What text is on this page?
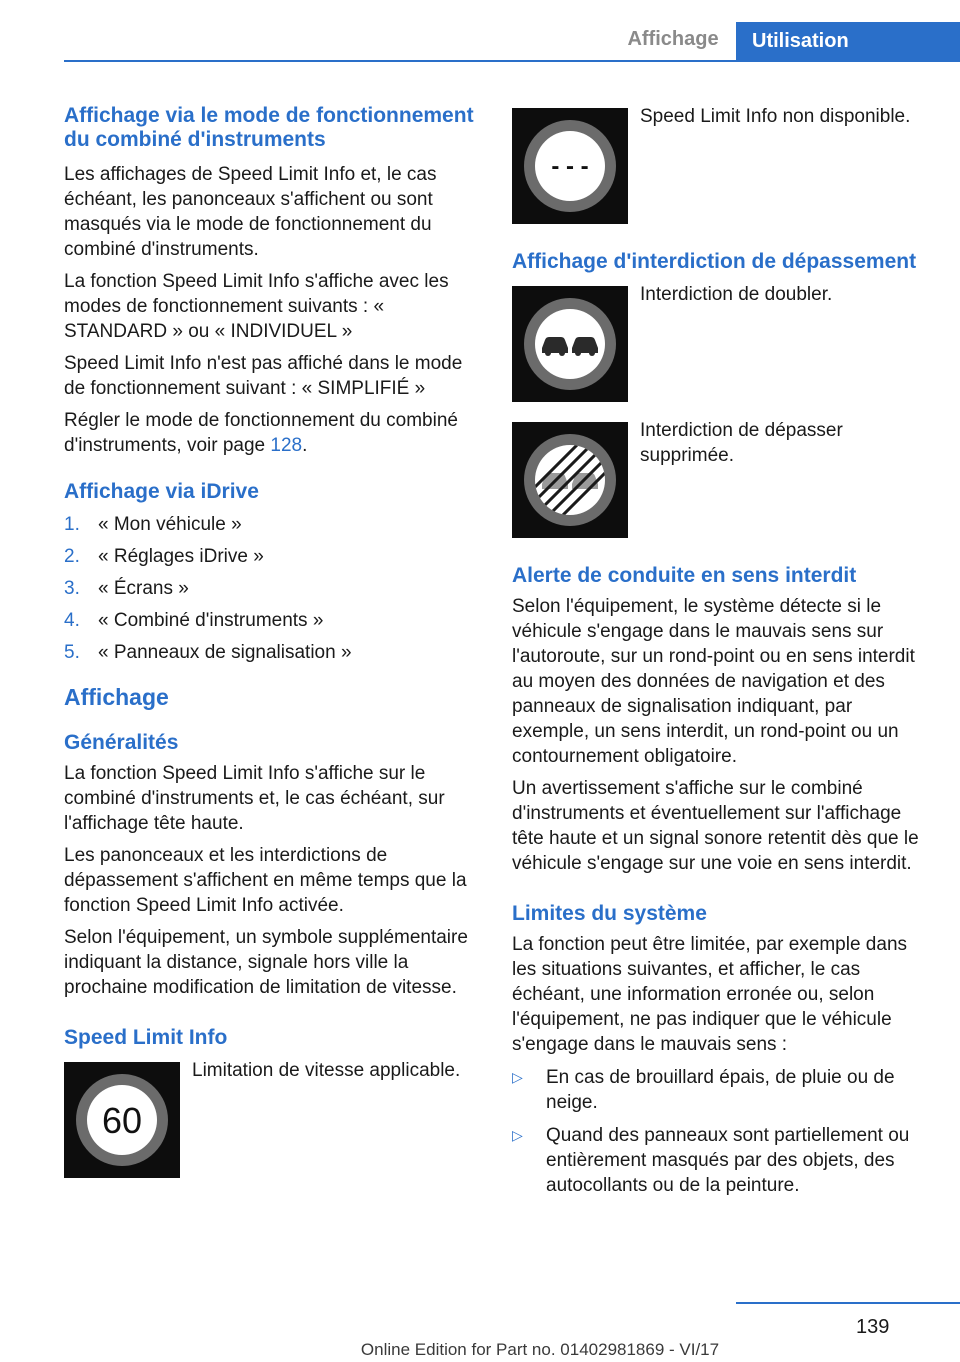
Affichage	Utilisation
Affichage via le mode de fonctionnement du combiné d'instruments

Les affichages de Speed Limit Info et, le cas échéant, les panonceaux s'affichent ou sont masqués via le mode de fonctionnement du combiné d'instruments.

La fonction Speed Limit Info s'affiche avec les modes de fonctionnement suivants : « STANDARD » ou « INDIVIDUEL »

Speed Limit Info n'est pas affiché dans le mode de fonctionnement suivant : « SIMPLIFIÉ »

Régler le mode de fonctionnement du combiné d'instruments, voir page 128.

Affichage via iDrive
1. « Mon véhicule »
2. « Réglages iDrive »
3. « Écrans »
4. « Combiné d'instruments »
5. « Panneaux de signalisation »
Affichage
Généralités

La fonction Speed Limit Info s'affiche sur le combiné d'instruments et, le cas échéant, sur l'affichage tête haute.

Les panonceaux et les interdictions de dépassement s'affichent en même temps que la fonction Speed Limit Info activée.

Selon l'équipement, un symbole supplémentaire indiquant la distance, signale hors ville la prochaine modification de limitation de vitesse.

Speed Limit Info
60

Limitation de vitesse applicable.

- - -

Speed Limit Info non disponible.

Affichage d'interdiction de dépassement

Interdiction de doubler.

Interdiction de dépasser supprimée.

Alerte de conduite en sens interdit

Selon l'équipement, le système détecte si le véhicule s'engage dans le mauvais sens sur l'autoroute, sur un rond-point ou en sens interdit au moyen des données de navigation et des panneaux de signalisation indiquant, par exemple, un sens interdit, un rond-point ou un contournement obligatoire.

Un avertissement s'affiche sur le combiné d'instruments et éventuellement sur l'affichage tête haute et un signal sonore retentit dès que le véhicule s'engage sur une voie en sens interdit.

Limites du système

La fonction peut être limitée, par exemple dans les situations suivantes, et afficher, le cas échéant, une information erronée ou, selon l'équipement, ne pas indiquer que le véhicule s'engage dans le mauvais sens :

▷	En cas de brouillard épais, de pluie ou de neige.
▷	Quand des panneaux sont partiellement ou entièrement masqués par des objets, des autocollants ou de la peinture.
139
Online Edition for Part no. 01402981869 - VI/17
